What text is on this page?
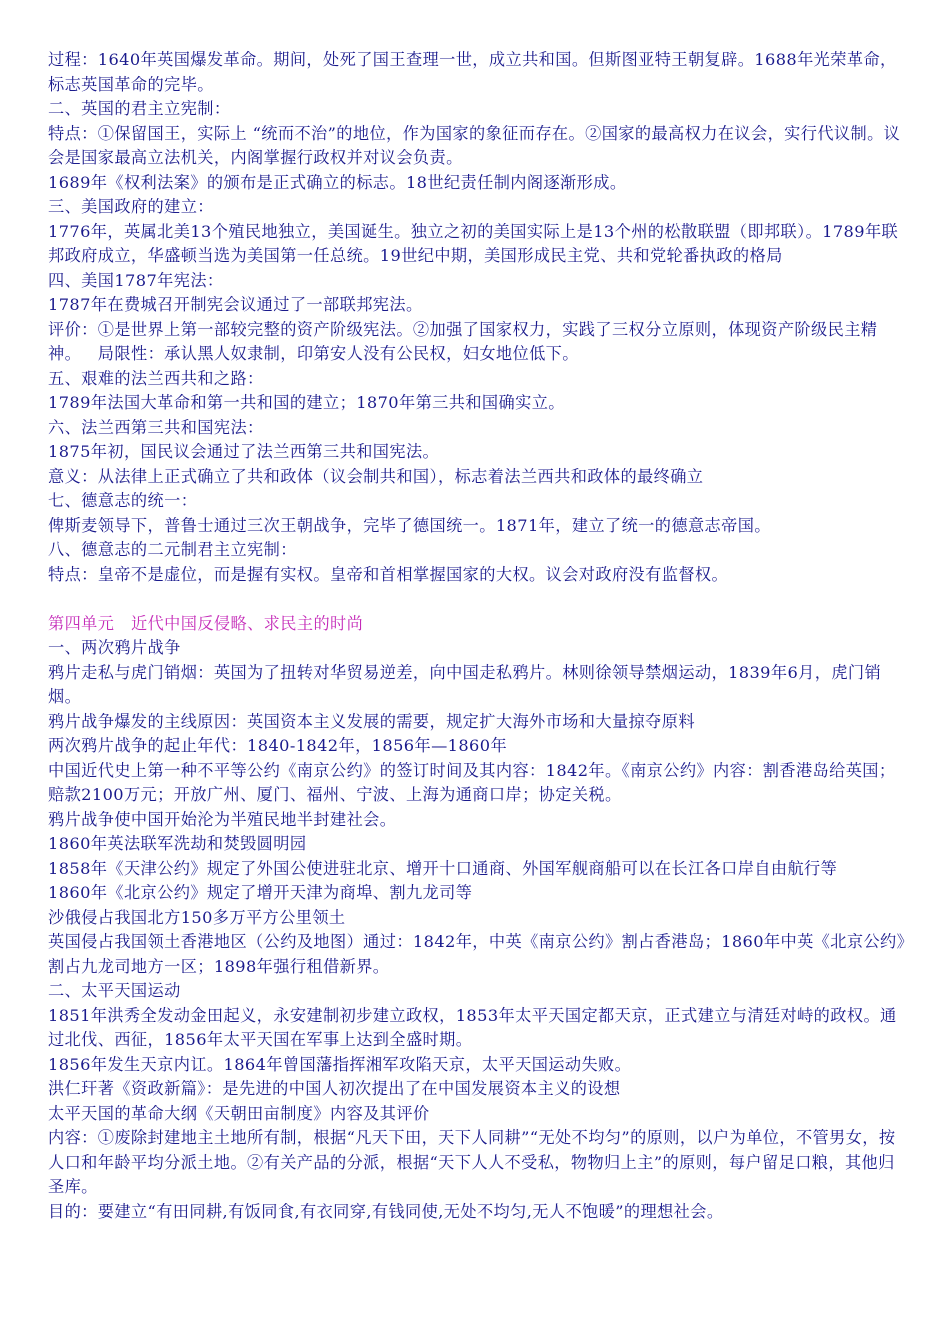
过程：1640年英国爆发革命。期间，处死了国王查理一世，成立共和国。但斯图亚特王朝复辟。1688年光荣革命，标志英国革命的完毕。

二、英国的君主立宪制：

特点：①保留国王，实际上 “统而不治”的地位，作为国家的象征而存在。②国家的最高权力在议会，实行代议制。议会是国家最高立法机关，内阁掌握行政权并对议会负责。

1689年《权利法案》的颁布是正式确立的标志。18世纪责任制内阁逐渐形成。

三、美国政府的建立：

1776年，英属北美13个殖民地独立，美国诞生。独立之初的美国实际上是13个州的松散联盟（即邦联）。1789年联邦政府成立，华盛顿当选为美国第一任总统。19世纪中期，美国形成民主党、共和党轮番执政的格局

四、美国1787年宪法：

1787年在费城召开制宪会议通过了一部联邦宪法。

评价：①是世界上第一部较完整的资产阶级宪法。②加强了国家权力，实践了三权分立原则，体现资产阶级民主精神。   局限性：承认黑人奴隶制，印第安人没有公民权，妇女地位低下。

五、艰难的法兰西共和之路：

1789年法国大革命和第一共和国的建立；1870年第三共和国确实立。

六、法兰西第三共和国宪法：

1875年初，国民议会通过了法兰西第三共和国宪法。

意义：从法律上正式确立了共和政体（议会制共和国），标志着法兰西共和政体的最终确立

七、德意志的统一：

俾斯麦领导下，普鲁士通过三次王朝战争，完毕了德国统一。1871年，建立了统一的德意志帝国。

八、德意志的二元制君主立宪制：

特点：皇帝不是虚位，而是握有实权。皇帝和首相掌握国家的大权。议会对政府没有监督权。

第四单元   近代中国反侵略、求民主的时尚

一、两次鸦片战争

鸦片走私与虎门销烟：英国为了扭转对华贸易逆差，向中国走私鸦片。林则徐领导禁烟运动，1839年6月，虎门销烟。

鸦片战争爆发的主线原因：英国资本主义发展的需要，规定扩大海外市场和大量掠夺原料

两次鸦片战争的起止年代：1840-1842年，1856年—1860年

中国近代史上第一种不平等公约《南京公约》的签订时间及其内容：1842年。《南京公约》内容：割香港岛给英国；赔款2100万元；开放广州、厦门、福州、宁波、上海为通商口岸；协定关税。

鸦片战争使中国开始沦为半殖民地半封建社会。

1860年英法联军洗劫和焚毁圆明园

1858年《天津公约》规定了外国公使进驻北京、增开十口通商、外国军舰商船可以在长江各口岸自由航行等

1860年《北京公约》规定了增开天津为商埠、割九龙司等

沙俄侵占我国北方150多万平方公里领土

英国侵占我国领土香港地区（公约及地图）通过：1842年，中英《南京公约》割占香港岛；1860年中英《北京公约》割占九龙司地方一区；1898年强行租借新界。

二、太平天国运动

1851年洪秀全发动金田起义，永安建制初步建立政权，1853年太平天国定都天京，正式建立与清廷对峙的政权。通过北伐、西征，1856年太平天国在军事上达到全盛时期。

1856年发生天京内讧。1864年曾国藩指挥湘军攻陷天京，太平天国运动失败。

洪仁玕著《资政新篇》：是先进的中国人初次提出了在中国发展资本主义的设想

太平天国的革命大纲《天朝田亩制度》内容及其评价

内容：①废除封建地主土地所有制，根据“凡天下田，天下人同耕”“无处不均匀”的原则，以户为单位，不管男女，按人口和年龄平均分派土地。②有关产品的分派，根据“天下人人不受私，物物归上主”的原则，每户留足口粮，其他归圣库。

目的：要建立“有田同耕,有饭同食,有衣同穿,有钱同使,无处不均匀,无人不饱暖”的理想社会。
